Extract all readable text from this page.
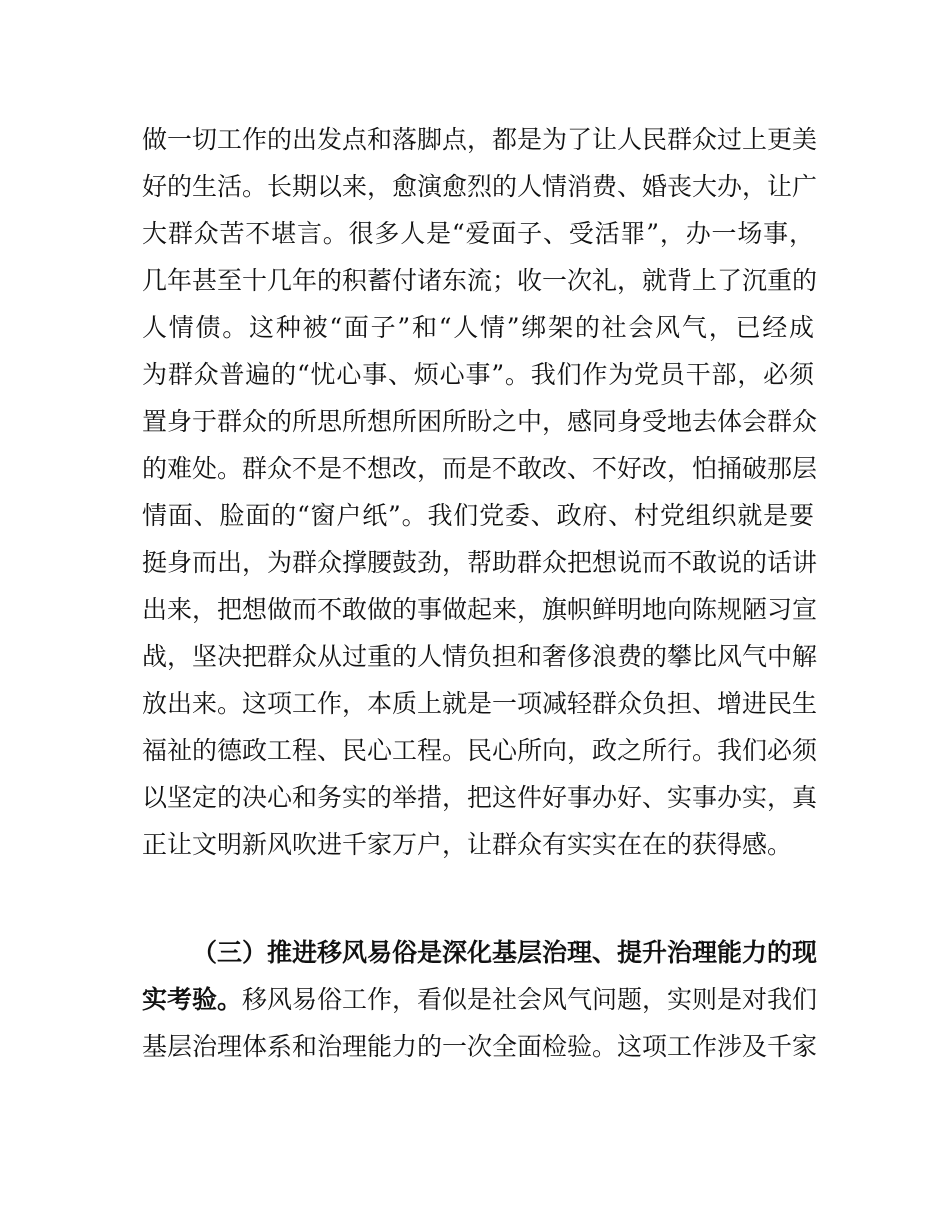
做一切工作的出发点和落脚点，都是为了让人民群众过上更美
好的生活。长期以来，愈演愈烈的人情消费、婚丧大办，让广
大群众苦不堪言。很多人是“爱面子、受活罪”，办一场事，
几年甚至十几年的积蓄付诸东流；收一次礼，就背上了沉重的
人情债。这种被“面子”和“人情”绑架的社会风气，已经成
为群众普遍的“忧心事、烦心事”。我们作为党员干部，必须
置身于群众的所思所想所困所盼之中，感同身受地去体会群众
的难处。群众不是不想改，而是不敢改、不好改，怕捅破那层
情面、脸面的“窗户纸”。我们党委、政府、村党组织就是要
挺身而出，为群众撑腰鼓劲，帮助群众把想说而不敢说的话讲
出来，把想做而不敢做的事做起来，旗帜鲜明地向陈规陋习宣
战，坚决把群众从过重的人情负担和奢侈浪费的攀比风气中解
放出来。这项工作，本质上就是一项减轻群众负担、增进民生
福祉的德政工程、民心工程。民心所向，政之所行。我们必须
以坚定的决心和务实的举措，把这件好事办好、实事办实，真
正让文明新风吹进千家万户，让群众有实实在在的获得感。
（三）推进移风易俗是深化基层治理、提升治理能力的现
实考验。移风易俗工作，看似是社会风气问题，实则是对我们
基层治理体系和治理能力的一次全面检验。这项工作涉及千家
